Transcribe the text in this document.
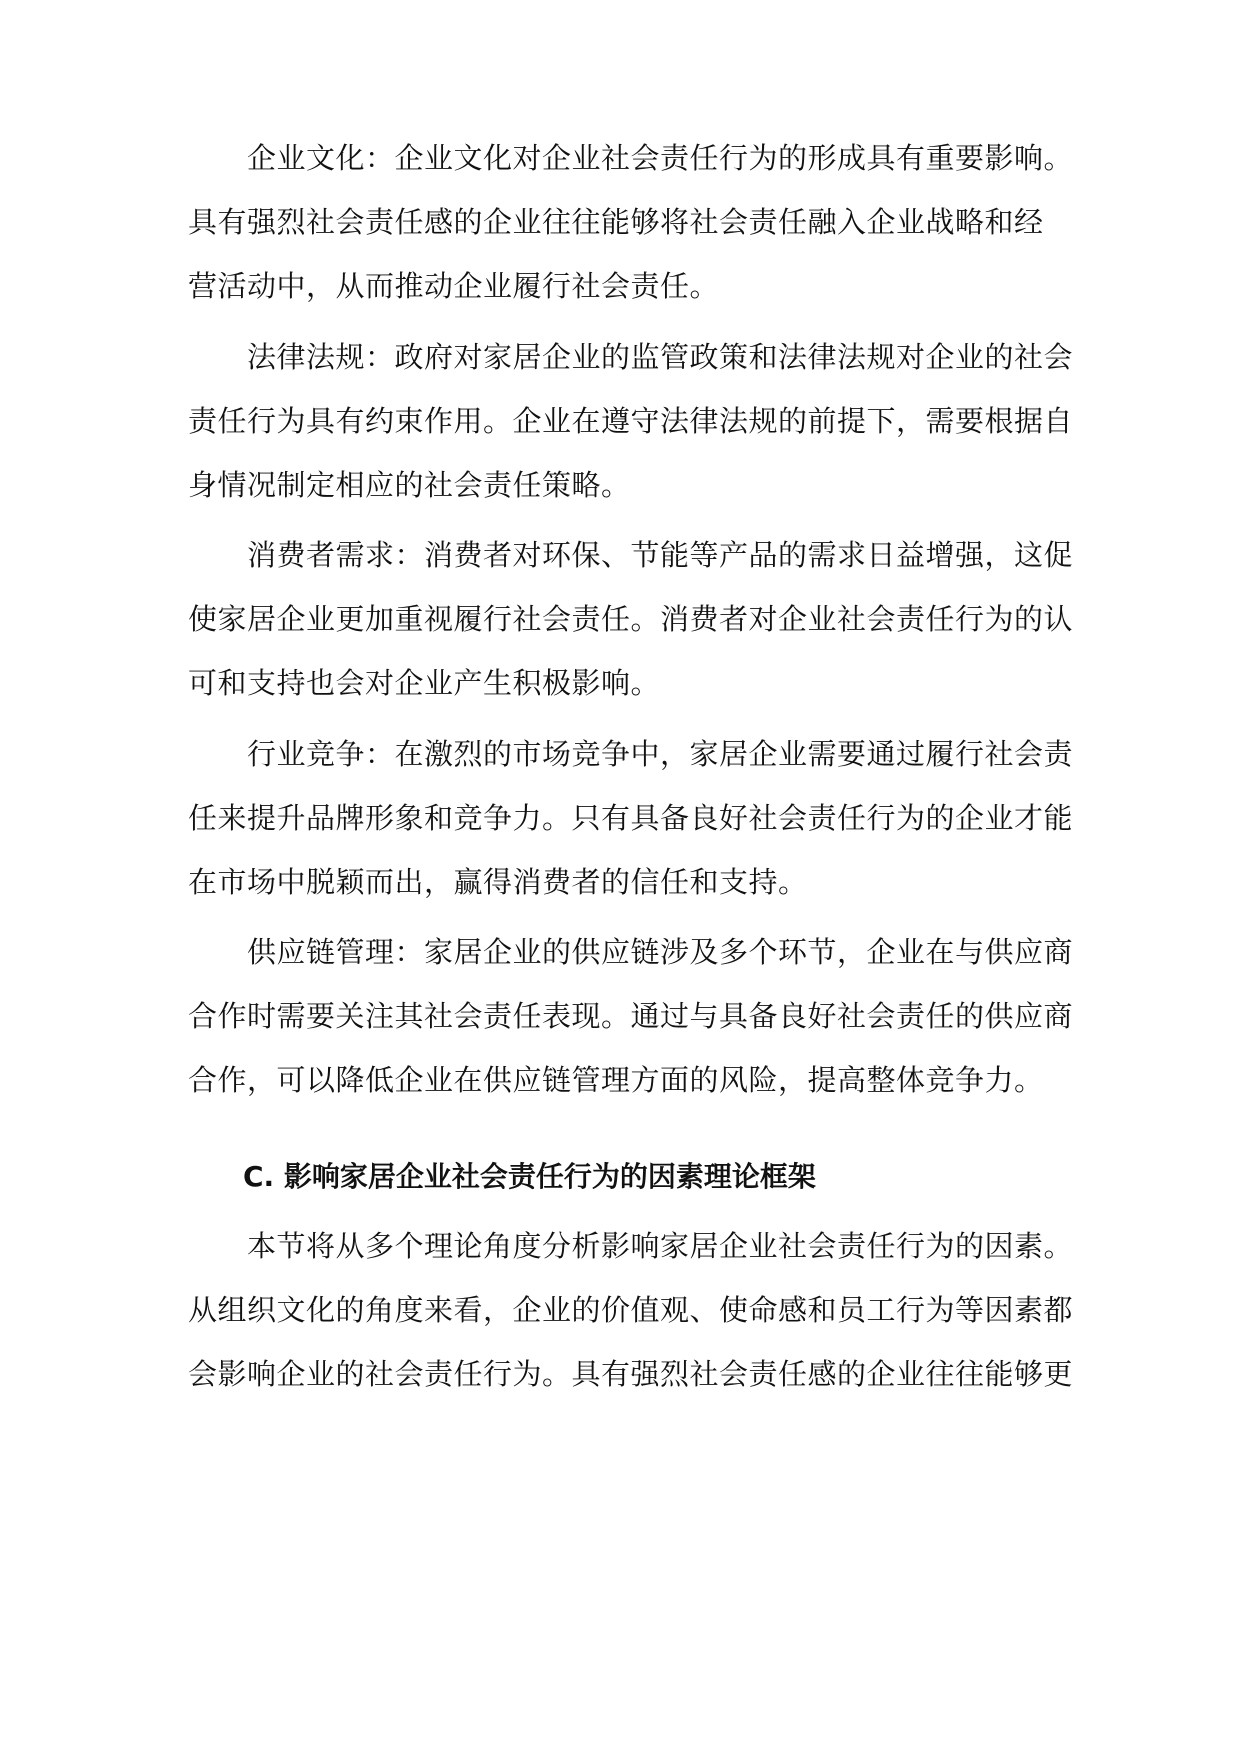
企业文化：企业文化对企业社会责任行为的形成具有重要影响。
具有强烈社会责任感的企业往往能够将社会责任融入企业战略和经
营活动中，从而推动企业履行社会责任。
法律法规：政府对家居企业的监管政策和法律法规对企业的社会
责任行为具有约束作用。企业在遵守法律法规的前提下，需要根据自
身情况制定相应的社会责任策略。
消费者需求：消费者对环保、节能等产品的需求日益增强，这促
使家居企业更加重视履行社会责任。消费者对企业社会责任行为的认
可和支持也会对企业产生积极影响。
行业竞争：在激烈的市场竞争中，家居企业需要通过履行社会责
任来提升品牌形象和竞争力。只有具备良好社会责任行为的企业才能
在市场中脱颖而出，赢得消费者的信任和支持。
供应链管理：家居企业的供应链涉及多个环节，企业在与供应商
合作时需要关注其社会责任表现。通过与具备良好社会责任的供应商
合作，可以降低企业在供应链管理方面的风险，提高整体竞争力。
C. 影响家居企业社会责任行为的因素理论框架
本节将从多个理论角度分析影响家居企业社会责任行为的因素。
从组织文化的角度来看，企业的价值观、使命感和员工行为等因素都
会影响企业的社会责任行为。具有强烈社会责任感的企业往往能够更
